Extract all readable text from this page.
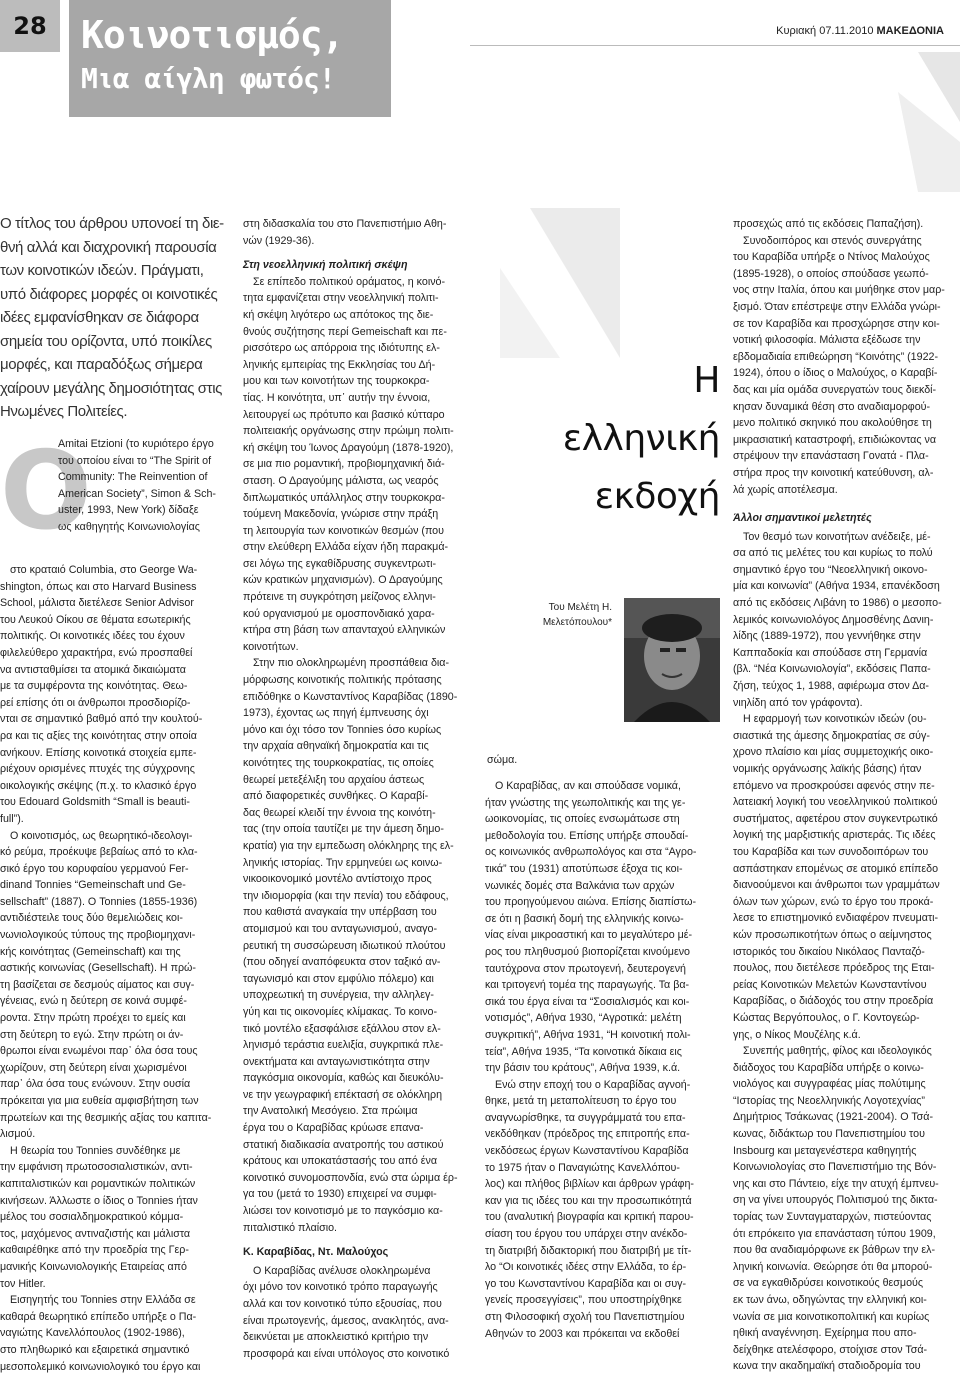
28 Κοινοτισμός,
Μια αίγλη φωτός!
Κυριακή 07.11.2010 ΜΑΚΕΔΟΝΙΑ
Ο τίτλος του άρθρου υπονοεί τη διε-
θνή αλλά και διαχρονική παρουσία
των κοινοτικών ιδεών. Πράγματι,
υπό διάφορες μορφές οι κοινοτικές
ιδέες εμφανίσθηκαν σε διάφορα
σημεία του ορίζοντα, υπό ποικίλες
μορφές, και παραδόξως σήμερα
χαίρουν μεγάλης δημοσιότητας στις
Ηνωμένες Πολιτείες.
Ο

Amitai Etzioni (το κυριότερο έργο
του οποίου είναι το “The Spirit of
Community: The Reinvention of
American Society”, Simon & Sch-
uster, 1993, New York) δίδαξε
ως καθηγητής Κοινωνιολογίας

στο κραταιό Columbia, στο George Wa-
shington, όπως και στο Harvard Business
School, μάλιστα διετέλεσε Senior Advisor
του Λευκού Οίκου σε θέματα εσωτερικής
πολιτικής. Οι κοινοτικές ιδέες του έχουν
φιλελεύθερο χαρακτήρα, ενώ προσπαθεί
να αντισταθμίσει τα ατομικά δικαιώματα
με τα συμφέροντα της κοινότητας. Θεω-
ρεί επίσης ότι οι άνθρωποι προσδιορίζο-
νται σε σημαντικό βαθμό από την κουλτού-
ρα και τις αξίες της κοινότητας στην οποία
ανήκουν. Επίσης κοινοτικά στοιχεία εμπε-
ριέχουν ορισμένες πτυχές της σύγχρονης
οικολογικής σκέψης (π.χ. το κλασικό έργο
του Edouard Goldsmith “Small is beauti-
full”).

Ο κοινοτισμός, ως θεωρητικό-ιδεολογι-
κό ρεύμα, προέκυψε βεβαίως από το κλα-
σικό έργο του κορυφαίου γερμανού Fer-
dinand Tonnies “Gemeinschaft und Ge-
sellschaft” (1887). Ο Tonnies (1855-1936)
αντιδιέστειλε τους δύο θεμελιώδεις κοι-
νωνιολογικούς τύπους της προβιομηχανι-
κής κοινότητας (Gemeinschaft) και της
αστικής κοινωνίας (Gesellschaft). Η πρώ-
τη βασίζεται σε δεσμούς αίματος και συγ-
γένειας, ενώ η δεύτερη σε κοινά συμφέ-
ροντα. Στην πρώτη προέχει το εμείς και
στη δεύτερη το εγώ. Στην πρώτη οι άν-
θρωποι είναι ενωμένοι παρ᾽ όλα όσα τους
χωρίζουν, στη δεύτερη είναι χωρισμένοι
παρ᾽ όλα όσα τους ενώνουν. Στην ουσία
πρόκειται για μια ευθεία αμφισβήτηση των
πρωτείων και της θεσμικής αξίας του καπιτα-
λισμού.

Η θεωρία του Tonnies συνδέθηκε με
την εμφάνιση πρωτοσοσιαλιστικών, αντι-
καπιταλιστικών και ρομαντικών πολιτικών
κινήσεων. Άλλωστε ο ίδιος ο Tonnies ήταν
μέλος του σοσιαλδημοκρατικού κόμμα-
τος, μαχόμενος αντιναζιστής και μάλιστα
καθαιρέθηκε από την προεδρία της Γερ-
μανικής Κοινωνιολογικής Εταιρείας από
τον Hitler.

Εισηγητής του Tonnies στην Ελλάδα σε
καθαρά θεωρητικό επίπεδο υπήρξε ο Πα-
ναγιώτης Κανελλόπουλος (1902-1986),
στο πληθωρικό και εξαιρετικά σημαντικό
μεσοπολεμικό κοινωνιολογικό του έργο και

στη διδασκαλία του στο Πανεπιστήμιο Αθη-
νών (1929-36).

Στη νεοελληνική πολιτική σκέψη

Σε επίπεδο πολιτικού οράματος, η κοινό-
τητα εμφανίζεται στην νεοελληνική πολιτι-
κή σκέψη λιγότερο ως απότοκος της διε-
θνούς συζήτησης περί Gemeischaft και πε-
ρισσότερο ως απόρροια της ιδιότυπης ελ-
ληνικής εμπειρίας της Εκκλησίας του Δή-
μου και των κοινοτήτων της τουρκοκρα-
τίας. Η κοινότητα, υπ᾽ αυτήν την έννοια,
λειτουργεί ως πρότυπο και βασικό κύτταρο
πολιτειακής οργάνωσης στην πρώιμη πολιτι-
κή σκέψη του Ίωνος Δραγούμη (1878-1920),
σε μια πιο ρομαντική, προβιομηχανική διά-
σταση. Ο Δραγούμης μάλιστα, ως νεαρός
διπλωματικός υπάλληλος στην τουρκοκρα-
τούμενη Μακεδονία, γνώρισε στην πράξη
τη λειτουργία των κοινοτικών θεσμών (που
στην ελεύθερη Ελλάδα είχαν ήδη παρακμά-
σει λόγω της εγκαθίδρυσης συγκεντρωτι-
κών κρατικών μηχανισμών). Ο Δραγούμης
πρότεινε τη συγκρότηση μείζονος ελληνι-
κού οργανισμού με ομοσπονδιακό χαρα-
κτήρα στη βάση των απανταχού ελληνικών
κοινοτήτων.

Στην πιο ολοκληρωμένη προσπάθεια δια-
μόρφωσης κοινοτικής πολιτικής πρότασης
επιδόθηκε ο Κωνσταντίνος Καραβίδας (1890-
1973), έχοντας ως πηγή έμπνευσης όχι
μόνο και όχι τόσο τον Tonnies όσο κυρίως
την αρχαία αθηναϊκή δημοκρατία και τις
κοινότητες της τουρκοκρατίας, τις οποίες
θεωρεί μετεξέλιξη του αρχαίου άστεως
από διαφορετικές συνθήκες. Ο Καραβί-
δας θεωρεί κλειδί την έννοια της κοινότη-
τας (την οποία ταυτίζει με την άμεση δημο-
κρατία) για την εμπεδωση ολόκληρης της ελ-
ληνικής ιστορίας. Την ερμηνεύει ως κοινω-
νικοοικονομικό μοντέλο αντίστοιχο προς
την ιδιομορφία (και την πενία) του εδάφους,
που καθιστά αναγκαία την υπέρβαση του
ατομισμού και του ανταγωνισμού, αναγο-
ρευτική τη συσσώρευση ιδιωτικού πλούτου
(που οδηγεί αναπόφευκτα στον ταξικό αν-
ταγωνισμό και στον εμφύλιο πόλεμο) και
υποχρεωτική τη συνέργεια, την αλληλεγ-
γύη και τις οικονομίες κλίμακας. Το κοινο-
τικό μοντέλο εξασφάλισε εξάλλου στον ελ-
ληνισμό τεράστια ευελιξία, συγκριτικά πλε-
ονεκτήματα και ανταγωνιστικότητα στην
παγκόσμια οικονομία, καθώς και διευκόλυ-
νε την γεωγραφική επέκτασή σε ολόκληρη
την Ανατολική Μεσόγειο. Στα πρώιμα
έργα του ο Καραβίδας κρύωσε επανα-
στατική διαδικασία ανατροπής του αστικού
κράτους και υποκατάστασής του από ένα
κοινοτικό συνομοσπονδία, ενώ στα ώριμα έρ-
γα του (μετά το 1930) επιχειρεί να συμφι-
λιώσει τον κοινοτισμό με το παγκόσμιο κα-
πιταλιστικό πλαίσιο.

Κ. Καραβίδας, Ντ. Μαλούχος

Ο Καραβίδας ανέλυσε ολοκληρωμένα
όχι μόνο τον κοινοτικό τρόπο παραγωγής
αλλά και τον κοινοτικό τύπο εξουσίας, που
είναι πρωτογενής, άμεσος, ανακλητός, ανα-
δεικνύεται με αποκλειστικό κριτήριο την
προσφορά και είναι υπόλογος στο κοινοτικό

Η
ελληνική
εκδοχή
Του Μελέτη Η.
Μελετόπουλου*
σώμα.

Ο Καραβίδας, αν και σπούδασε νομικά,
ήταν γνώστης της γεωπολιτικής και της γε-
ωοικονομίας, τις οποίες ενσωμάτωσε στη
μεθοδολογία του. Επίσης υπήρξε σπουδαί-
ος κοινωνικός ανθρωπολόγος και στα “Αγρο-
τικά” του (1931) αποτύπωσε έξοχα τις κοι-
νωνικές δομές στα Βαλκάνια των αρχών
του προηγούμενου αιώνα. Επίσης διαπίστω-
σε ότι η βασική δομή της ελληνικής κοινω-
νίας είναι μικροαστική και το μεγαλύτερο μέ-
ρος του πληθυσμού βιοπορίζεται κινούμενο
ταυτόχρονα στον πρωτογενή, δευτερογενή
και τριτογενή τομέα της παραγωγής. Τα βα-
σικά του έργα είναι τα “Σοσιαλισμός και κοι-
νοτισμός”, Αθήνα 1930, “Αγροτικά: μελέτη
συγκριτική”, Αθήνα 1931, “Η κοινοτική πολι-
τεία”, Αθήνα 1935, “Τα κοινοτικά δίκαια εις
την βάσιν του κράτους”, Αθήνα 1939, κ.ά.

Ενώ στην εποχή του ο Καραβίδας αγνοή-
θηκε, μετά τη μεταπολίτευση το έργο του
αναγνωρίσθηκε, τα συγγράμματά του επα-
νεκδόθηκαν (πρόεδρος της επιτροπής επα-
νεκδόσεως έργων Κωνσταντίνου Καραβίδα
το 1975 ήταν ο Παναγιώτης Κανελλόπου-
λος) και πλήθος βιβλίων και άρθρων γράφη-
καν για τις ιδέες του και την προσωπικότητά
του (αναλυτική βιογραφία και κριτική παρου-
σίαση του έργου του υπάρχει στην ανέκδο-
τη διατριβή διδακτορική που διατριβή με τίτ-
λο “Οι κοινοτικές ιδέες στην Ελλάδα, το έρ-
γο του Κωνσταντίνου Καραβίδα και οι συγ-
γενείς προσεγγίσεις”, που υποστηρίχθηκε
στη Φιλοσοφική σχολή του Πανεπιστημίου
Αθηνών το 2003 και πρόκειται να εκδοθεί

προσεχώς από τις εκδόσεις Παπαζήση).

Συνοδοιπόρος και στενός συνεργάτης
του Καραβίδα υπήρξε ο Ντίνος Μαλούχος
(1895-1928), ο οποίος σπούδασε γεωπό-
νος στην Ιταλία, όπου και μυήθηκε στον μαρ-
ξισμό. Όταν επέστρεψε στην Ελλάδα γνώρι-
σε τον Καραβίδα και προσχώρησε στην κοι-
νοτική φιλοσοφία. Μάλιστα εξέδωσε την
εβδομαδιαία επιθεώρηση “Κοινότης” (1922-
1924), όπου ο ίδιος ο Μαλούχος, ο Καραβί-
δας και μία ομάδα συνεργατών τους διεκδί-
κησαν δυναμικά θέση στο αναδιαμορφού-
μενο πολιτικό σκηνικό που ακολούθησε τη
μικρασιατική καταστροφή, επιδιώκοντας να
στρέψουν την επανάσταση Γονατά - Πλα-
στήρα προς την κοινοτική κατεύθυνση, αλ-
λά χωρίς αποτέλεσμα.

Άλλοι σημαντικοί μελετητές

Τον θεσμό των κοινοτήτων ανέδειξε, μέ-
σα από τις μελέτες του και κυρίως το πολύ
σημαντικό έργο του “Νεοελληνική οικονο-
μία και κοινωνία” (Αθήνα 1934, επανέκδοση
από τις εκδόσεις Λιβάνη το 1986) ο μεσοπο-
λεμικός κοινωνιολόγος Δημοσθένης Δανιη-
λίδης (1889-1972), που γεννήθηκε στην
Καππαδοκία και σπούδασε στη Γερμανία
(βλ. “Νέα Κοινωνιολογία”, εκδόσεις Παπα-
ζήση, τεύχος 1, 1988, αφιέρωμα στον Δα-
νιηλίδη από τον γράφοντα).

Η εφαρμογή των κοινοτικών ιδεών (ου-
σιαστικά της άμεσης δημοκρατίας σε σύγ-
χρονο πλαίσιο και μίας συμμετοχικής οικο-
νομικής οργάνωσης λαϊκής βάσης) ήταν
επόμενο να προσκρούσει αφενός στην πε-
λατειακή λογική του νεοελληνικού πολιτικού
συστήματος, αφετέρου στον συγκεντρωτικό
λογική της μαρξιστικής αριστεράς. Τις ιδέες
του Καραβίδα και των συνοδοιπόρων του
ασπάστηκαν επομένως σε ατομικό επίπεδο
διανοούμενοι και άνθρωποι των γραμμάτων
όλων των χώρων, ενώ το έργο του προκά-
λεσε το επιστημονικό ενδιαφέρον πνευματι-
κών προσωπικοτήτων όπως ο αείμνηστος
ιστορικός του δικαίου Νικόλαος Πανταζό-
πουλος, που διετέλεσε πρόεδρος της Εται-
ρείας Κοινοτικών Μελετών Κωνσταντίνου
Καραβίδας, ο διάδοχός του στην προεδρία
Κώστας Βεργόπουλος, ο Γ. Κοντογεώρ-
γης, ο Νίκος Μουζέλης κ.ά.

Συνεπής μαθητής, φίλος και ιδεολογικός
διάδοχος του Καραβίδα υπήρξε ο κοινω-
νιολόγος και συγγραφέας μίας πολύτιμης
“Ιστορίας της Νεοελληνικής Λογοτεχνίας”
Δημήτριος Τσάκωνας (1921-2004). Ο Τσά-
κωνας, διδάκτωρ του Πανεπιστημίου του
Insbourg και μεταγενέστερα καθηγητής
Κοινωνιολογίας στο Πανεπιστήμιο της Βόν-
νης και στο Πάντειο, είχε την ατυχή έμπνευ-
ση να γίνει υπουργός Πολιτισμού της δικτα-
τορίας των Συνταγματαρχών, πιστεύοντας
ότι επρόκειτο για επανάσταση τύπου 1909,
που θα αναδιαμόρφωνε εκ βάθρων την ελ-
ληνική κοινωνία. Θεώρησε ότι θα μπορού-
σε να εγκαθιδρύσει κοινοτικούς θεσμούς
εκ των άνω, οδηγώντας την ελληνική κοι-
νωνία σε μια κοινοτικοπολιτική και κυρίως
ηθική αναγέννηση. Εχείρημα που απο-
δείχθηκε ατελέσφορο, στοίχισε στον Τσά-
κωνα την ακαδημαϊκή σταδιοδρομία του
